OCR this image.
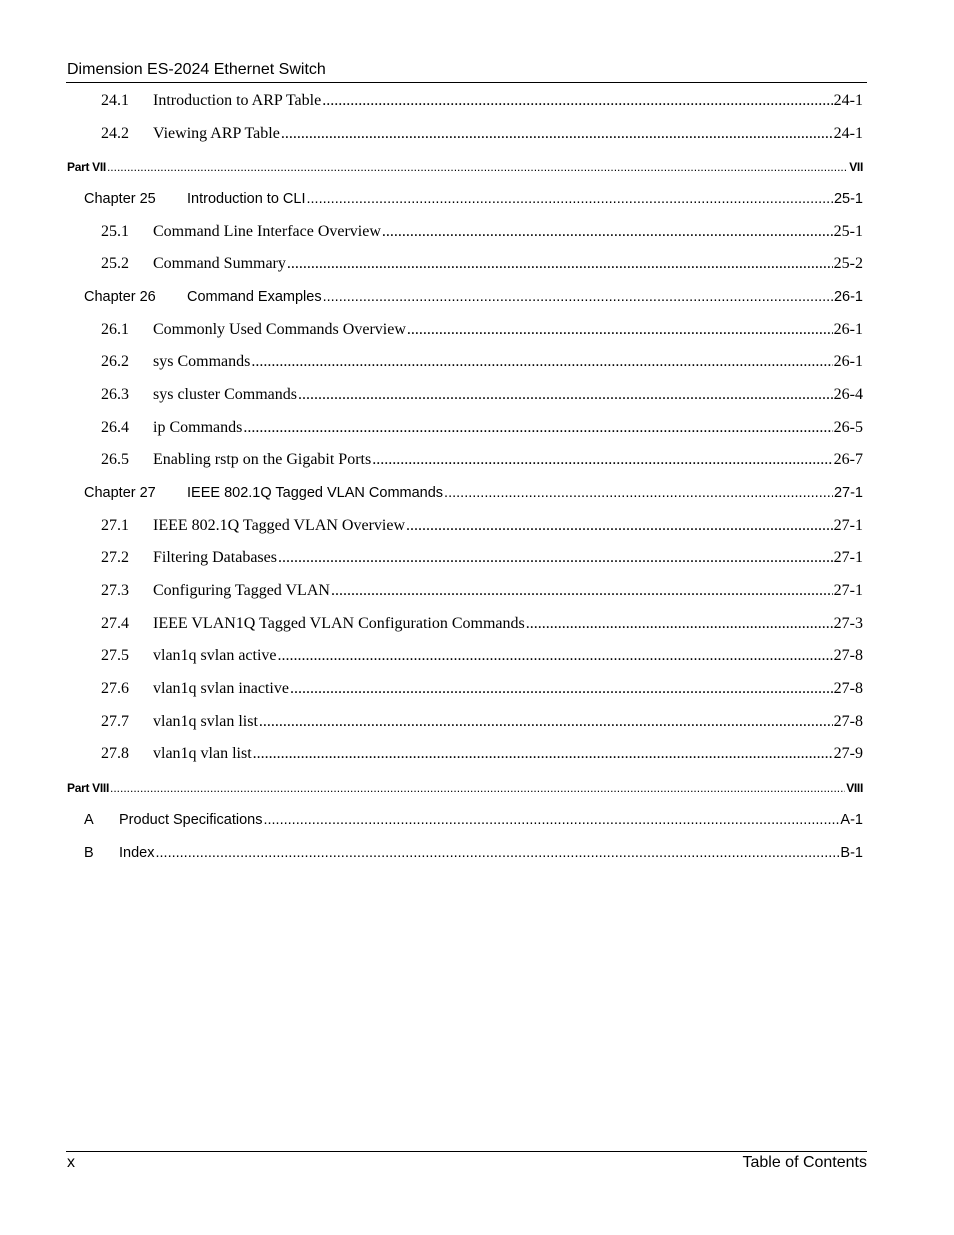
Dimension ES-2024 Ethernet Switch
24.1	Introduction to ARP Table .....	24-1
24.2	Viewing ARP Table .....	24-1
Part VII .....	VII
Chapter 25	Introduction to CLI .....	25-1
25.1	Command Line Interface Overview .....	25-1
25.2	Command Summary .....	25-2
Chapter 26	Command Examples .....	26-1
26.1	Commonly Used Commands Overview .....	26-1
26.2	sys Commands .....	26-1
26.3	sys cluster Commands .....	26-4
26.4	ip Commands .....	26-5
26.5	Enabling rstp on the Gigabit Ports .....	26-7
Chapter 27	IEEE 802.1Q Tagged VLAN Commands .....	27-1
27.1	IEEE 802.1Q Tagged VLAN Overview .....	27-1
27.2	Filtering Databases .....	27-1
27.3	Configuring Tagged VLAN .....	27-1
27.4	IEEE VLAN1Q Tagged VLAN Configuration Commands .....	27-3
27.5	vlan1q svlan active .....	27-8
27.6	vlan1q svlan inactive .....	27-8
27.7	vlan1q svlan list .....	27-8
27.8	vlan1q vlan list .....	27-9
Part VIII .....	VIII
A	Product Specifications .....	A-1
B	Index .....	B-1
x	Table of Contents
